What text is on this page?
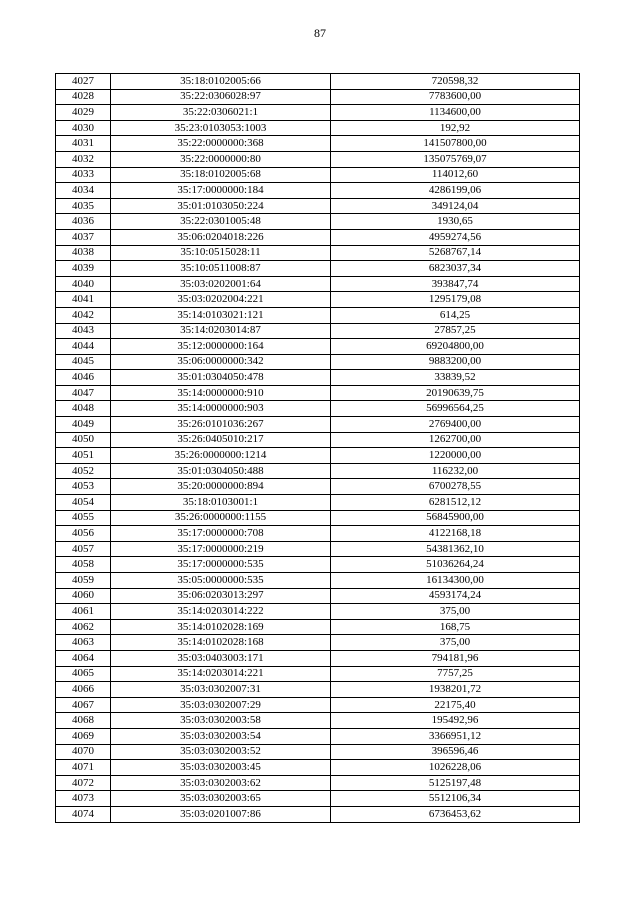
87
4027	35:18:0102005:66	720598,32
4028	35:22:0306028:97	7783600,00
4029	35:22:0306021:1	1134600,00
4030	35:23:0103053:1003	192,92
4031	35:22:0000000:368	141507800,00
4032	35:22:0000000:80	135075769,07
4033	35:18:0102005:68	114012,60
4034	35:17:0000000:184	4286199,06
4035	35:01:0103050:224	349124,04
4036	35:22:0301005:48	1930,65
4037	35:06:0204018:226	4959274,56
4038	35:10:0515028:11	5268767,14
4039	35:10:0511008:87	6823037,34
4040	35:03:0202001:64	393847,74
4041	35:03:0202004:221	1295179,08
4042	35:14:0103021:121	614,25
4043	35:14:0203014:87	27857,25
4044	35:12:0000000:164	69204800,00
4045	35:06:0000000:342	9883200,00
4046	35:01:0304050:478	33839,52
4047	35:14:0000000:910	20190639,75
4048	35:14:0000000:903	56996564,25
4049	35:26:0101036:267	2769400,00
4050	35:26:0405010:217	1262700,00
4051	35:26:0000000:1214	1220000,00
4052	35:01:0304050:488	116232,00
4053	35:20:0000000:894	6700278,55
4054	35:18:0103001:1	6281512,12
4055	35:26:0000000:1155	56845900,00
4056	35:17:0000000:708	4122168,18
4057	35:17:0000000:219	54381362,10
4058	35:17:0000000:535	51036264,24
4059	35:05:0000000:535	16134300,00
4060	35:06:0203013:297	4593174,24
4061	35:14:0203014:222	375,00
4062	35:14:0102028:169	168,75
4063	35:14:0102028:168	375,00
4064	35:03:0403003:171	794181,96
4065	35:14:0203014:221	7757,25
4066	35:03:0302007:31	1938201,72
4067	35:03:0302007:29	22175,40
4068	35:03:0302003:58	195492,96
4069	35:03:0302003:54	3366951,12
4070	35:03:0302003:52	396596,46
4071	35:03:0302003:45	1026228,06
4072	35:03:0302003:62	5125197,48
4073	35:03:0302003:65	5512106,34
4074	35:03:0201007:86	6736453,62
